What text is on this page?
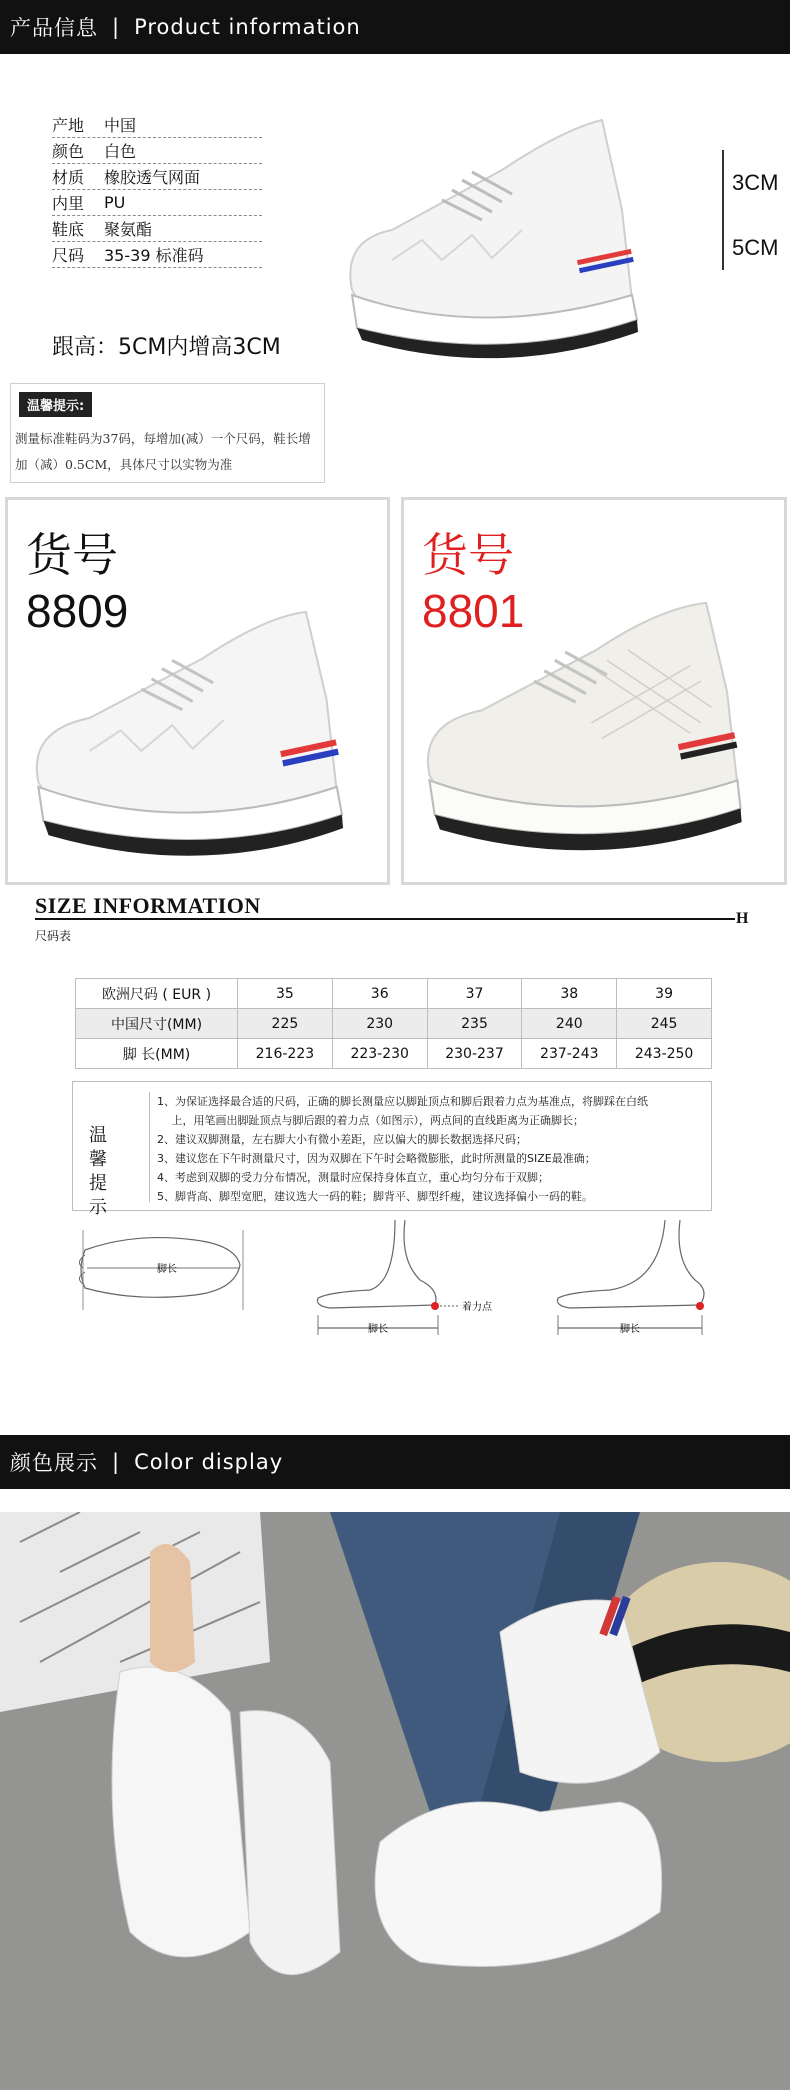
产品信息 | Product information
产地	中国
颜色	白色
材质	橡胶透气网面
内里	PU
鞋底	聚氨酯
尺码	35-39 标准码
跟高：5CM内增高3CM
3CM
5CM
温馨提示:
测量标准鞋码为37码，每增加(减）一个尺码，鞋长增加（减）0.5CM，具体尺寸以实物为准
货号
8809
货号
8801
SIZE INFORMATION
H
尺码表
欧洲尺码 ( EUR )	35	36	37	38	39
中国尺寸(MM)	225	230	235	240	245
脚 长(MM)	216-223	223-230	230-237	237-243	243-250
温 馨 提 示
1、为保证选择最合适的尺码，正确的脚长测量应以脚趾顶点和脚后跟着力点为基准点，将脚踩在白纸
　 上，用笔画出脚趾顶点与脚后跟的着力点（如图示），两点间的直线距离为正确脚长；
2、建议双脚测量，左右脚大小有微小差距，应以偏大的脚长数据选择尺码；
3、建议您在下午时测量尺寸，因为双脚在下午时会略微膨胀，此时所测量的SIZE最准确；
4、考虑到双脚的受力分布情况，测量时应保持身体直立，重心均匀分布于双脚；
5、脚背高、脚型宽肥，建议选大一码的鞋；脚背平、脚型纤瘦，建议选择偏小一码的鞋。
脚长
着力点
脚长	脚长
颜色展示 | Color display
